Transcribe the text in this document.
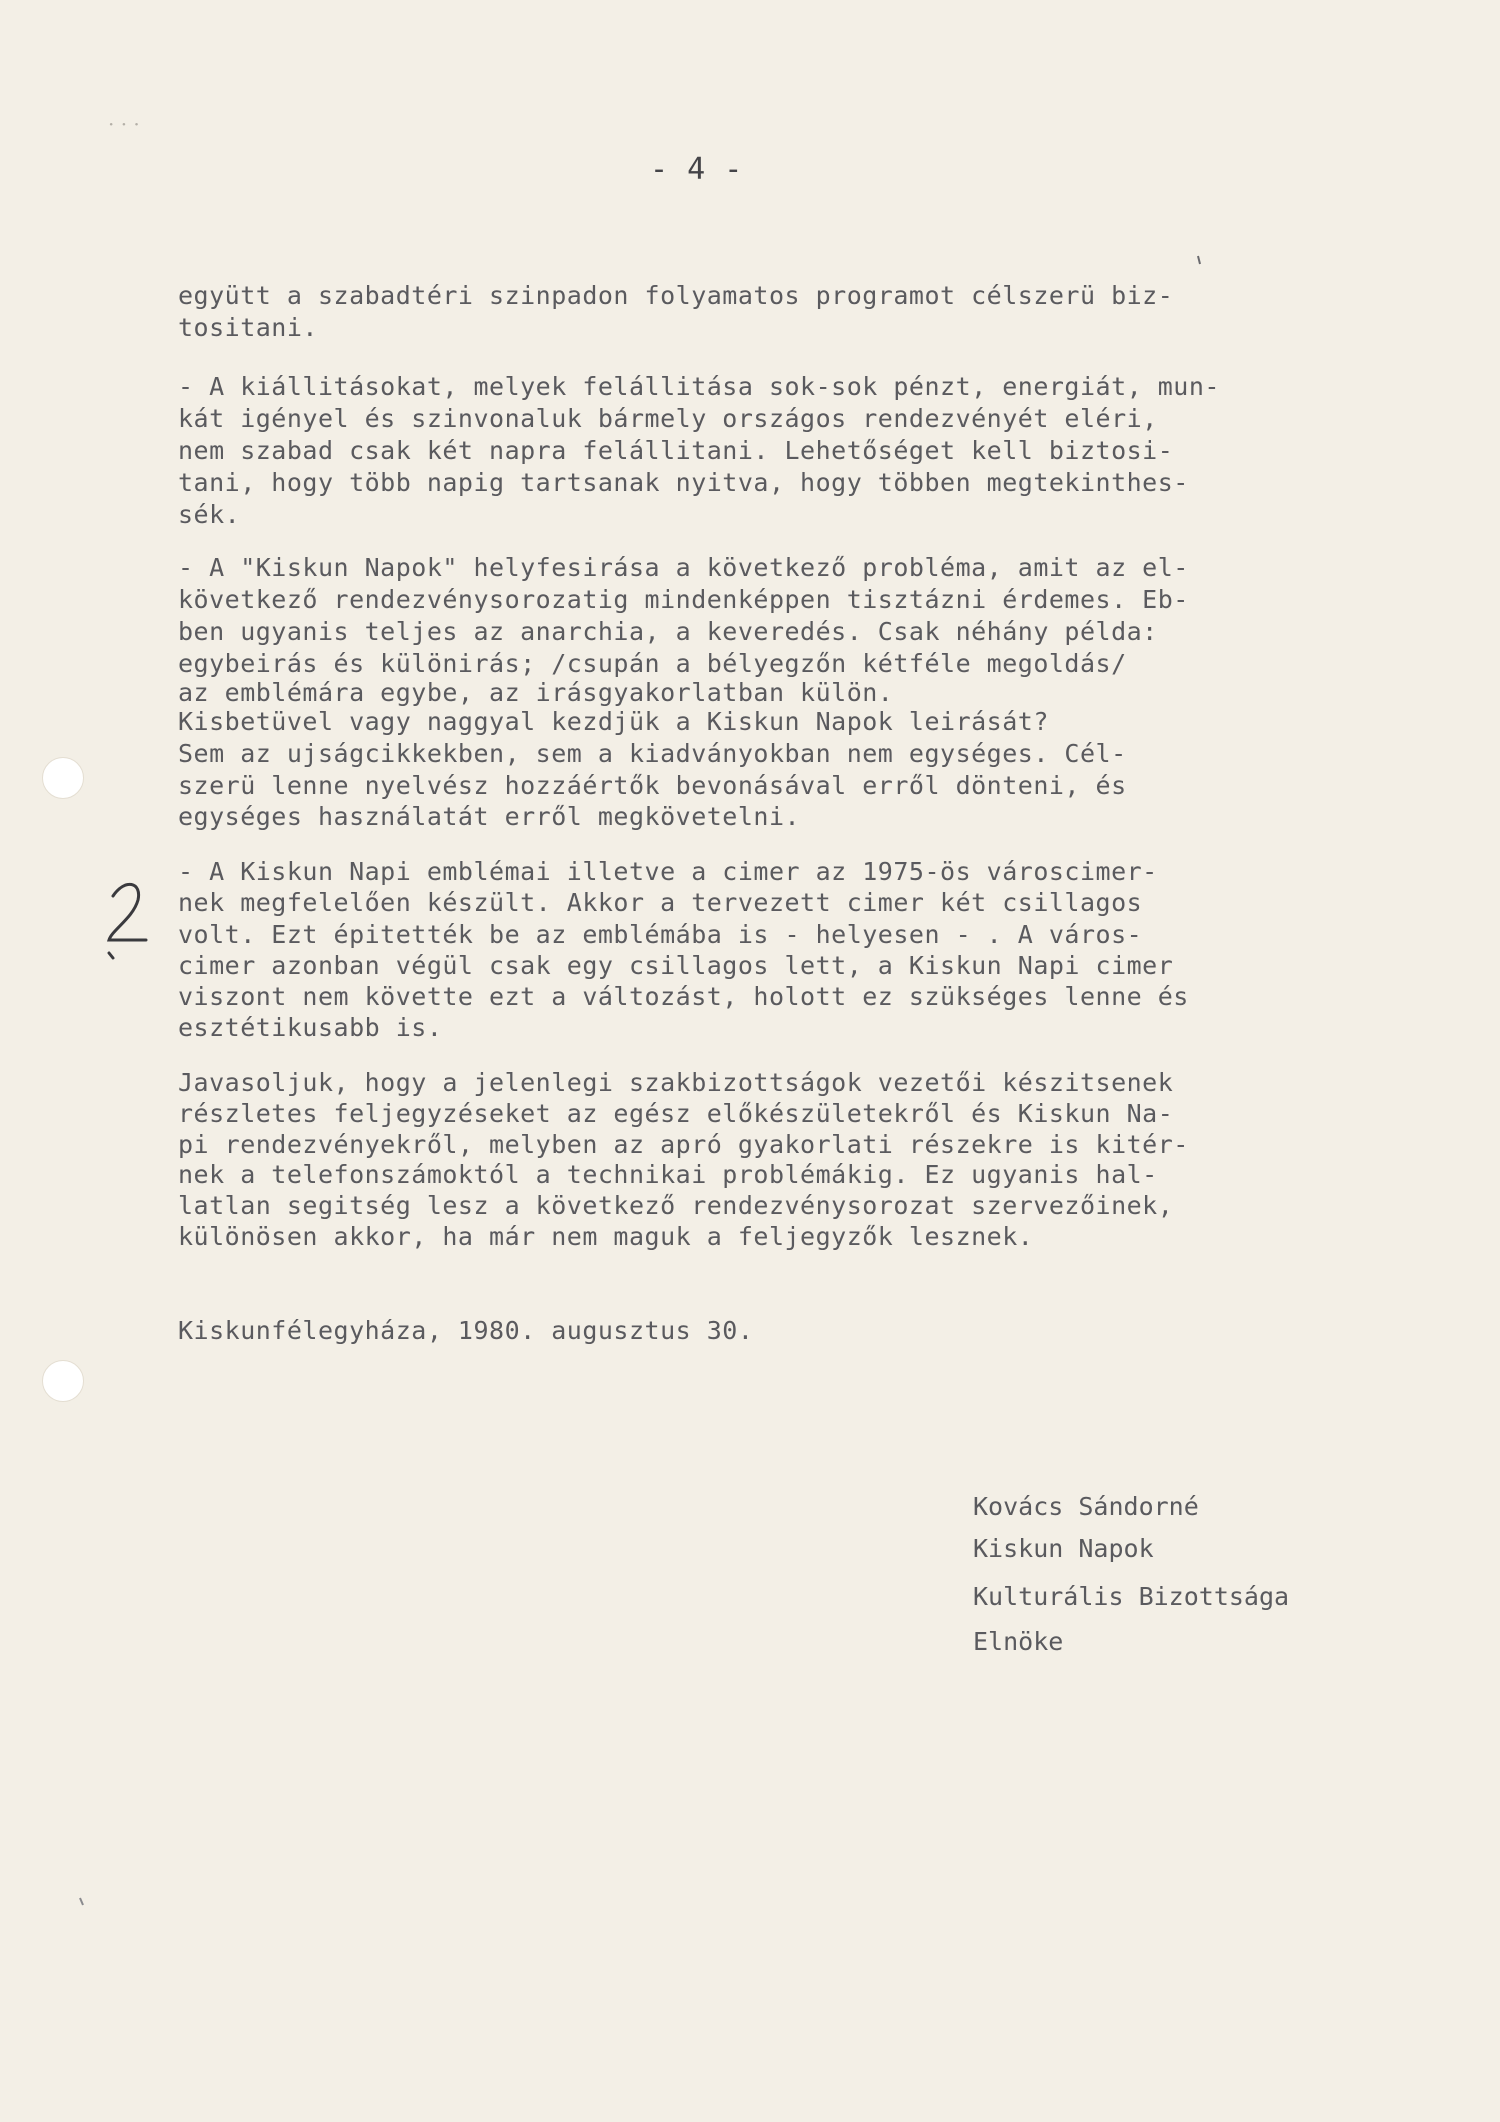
· · ·
- 4 -
együtt a szabadtéri szinpadon folyamatos programot célszerü biz-
tositani.
- A kiállitásokat, melyek felállitása sok-sok pénzt, energiát, mun-
kát igényel és szinvonaluk bármely országos rendezvényét eléri,
nem szabad csak két napra felállitani. Lehetőséget kell biztosi-
tani, hogy több napig tartsanak nyitva, hogy többen megtekinthes-
sék.
- A "Kiskun Napok" helyfesirása a következő probléma, amit az el-
következő rendezvénysorozatig mindenképpen tisztázni érdemes. Eb-
ben ugyanis teljes az anarchia, a keveredés. Csak néhány példa:
egybeirás és különirás; /csupán a bélyegzőn kétféle megoldás/
az emblémára egybe, az irásgyakorlatban külön.
Kisbetüvel vagy naggyal kezdjük a Kiskun Napok leirását?
Sem az ujságcikkekben, sem a kiadványokban nem egységes. Cél-
szerü lenne nyelvész hozzáértők bevonásával erről dönteni, és
egységes használatát erről megkövetelni.
- A Kiskun Napi emblémai illetve a cimer az 1975-ös városcimer-
nek megfelelően készült. Akkor a tervezett cimer két csillagos
volt. Ezt épitették be az emblémába is - helyesen - . A város-
cimer azonban végül csak egy csillagos lett, a Kiskun Napi cimer
viszont nem követte ezt a változást, holott ez szükséges lenne és
esztétikusabb is.
Javasoljuk, hogy a jelenlegi szakbizottságok vezetői készitsenek
részletes feljegyzéseket az egész előkészületekről és Kiskun Na-
pi rendezvényekről, melyben az apró gyakorlati részekre is kitér-
nek a telefonszámoktól a technikai problémákig. Ez ugyanis hal-
latlan segitség lesz a következő rendezvénysorozat szervezőinek,
különösen akkor, ha már nem maguk a feljegyzők lesznek.
Kiskunfélegyháza, 1980. augusztus 30.
Kovács Sándorné
Kiskun Napok
Kulturális Bizottsága
Elnöke
